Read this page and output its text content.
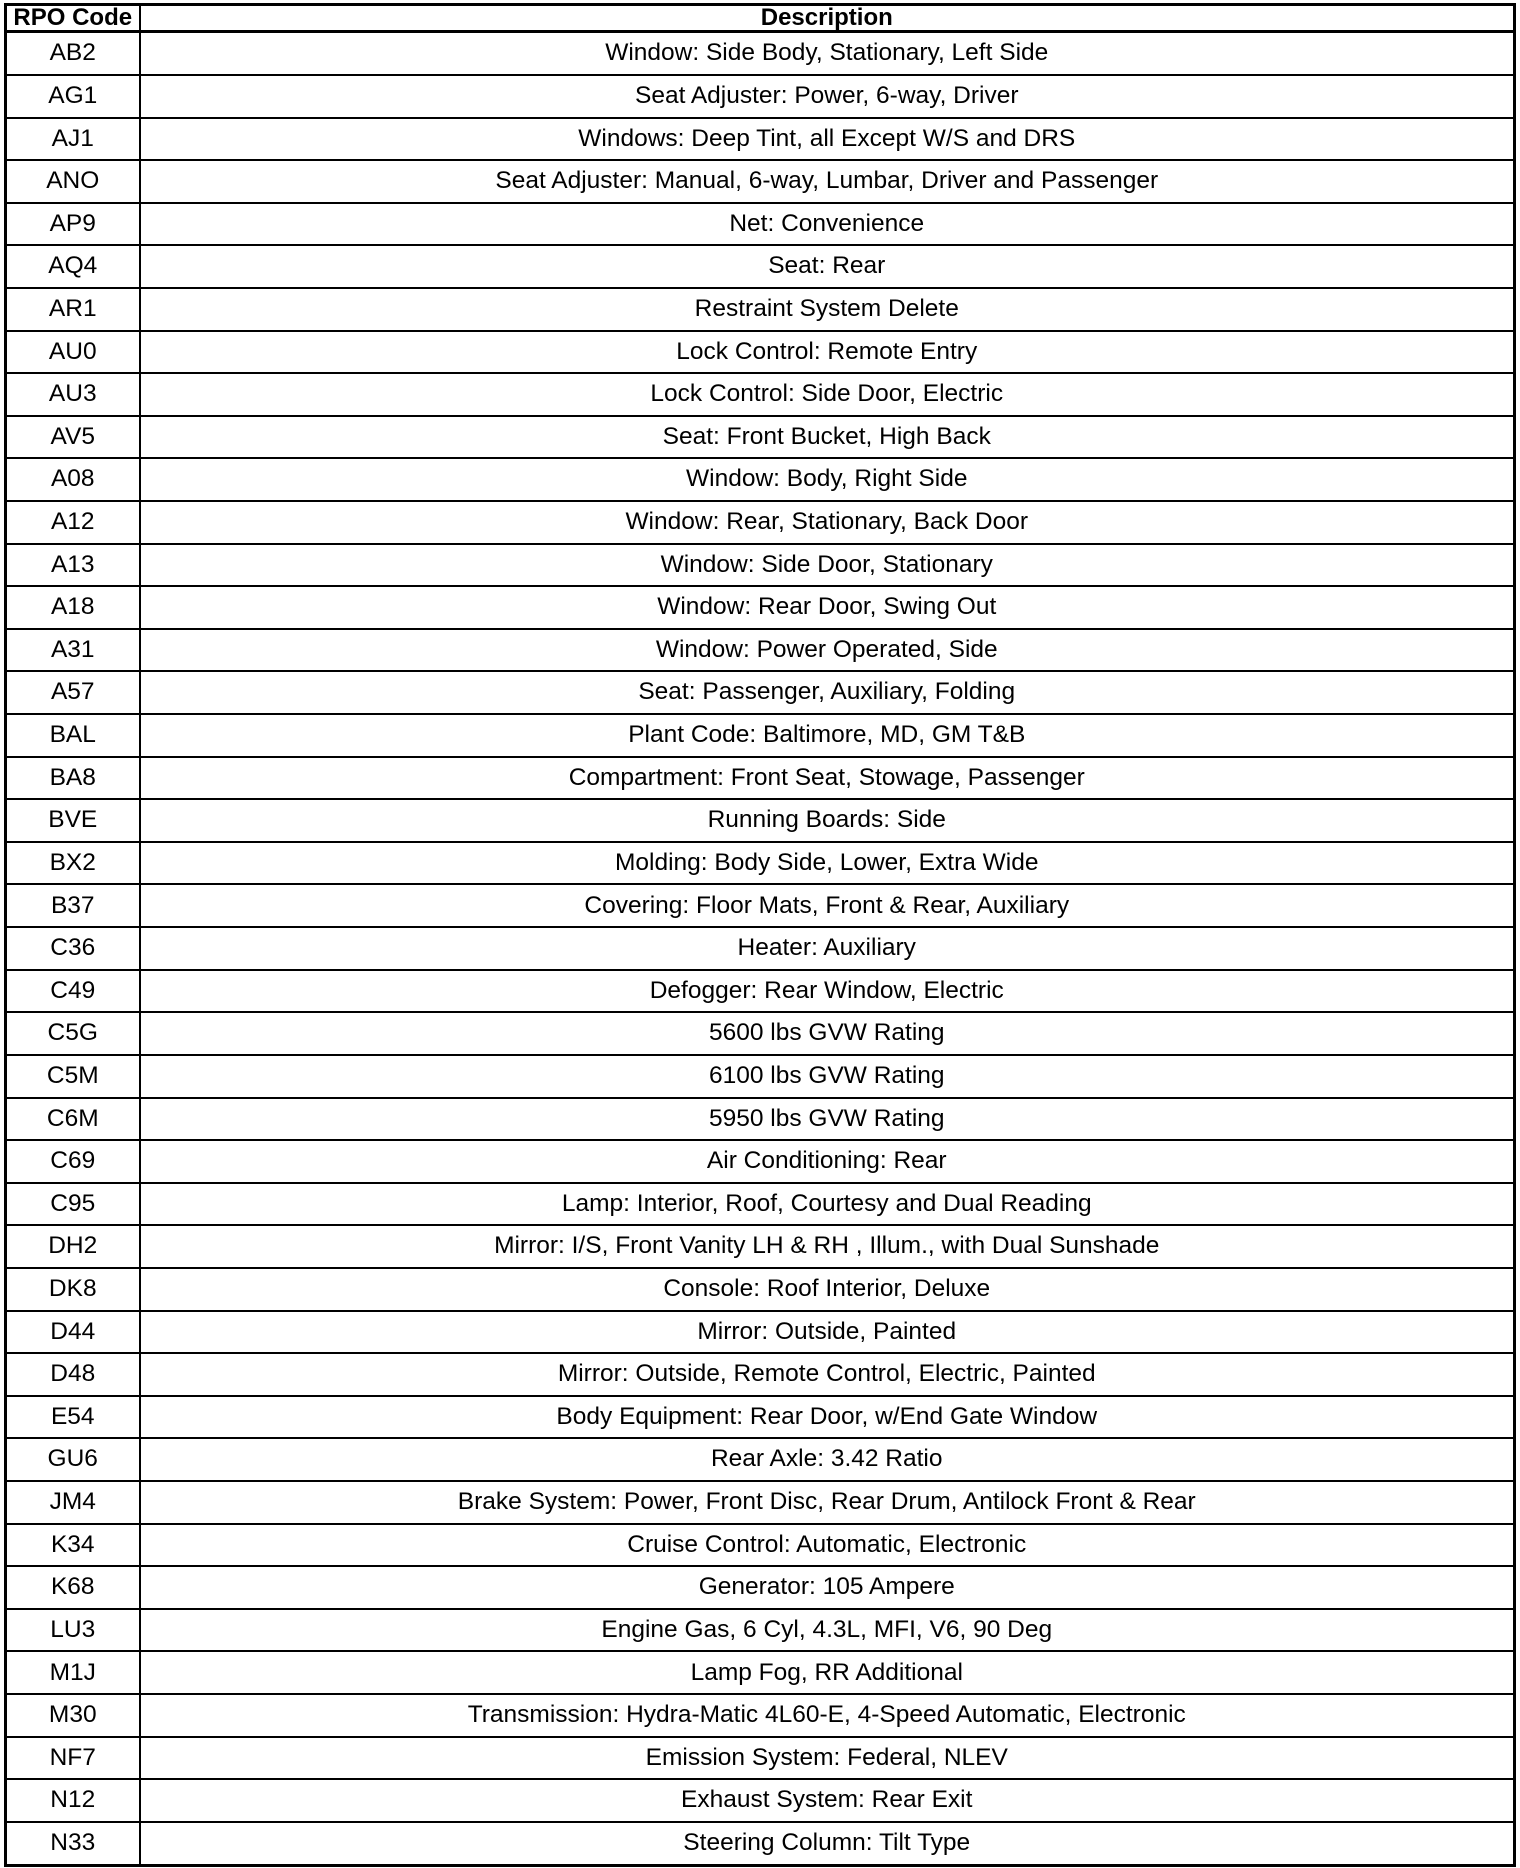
RPO Code	Description
AB2	Window: Side Body, Stationary, Left Side
AG1	Seat Adjuster: Power, 6-way, Driver
AJ1	Windows: Deep Tint, all Except W/S and DRS
ANO	Seat Adjuster: Manual, 6-way, Lumbar, Driver and Passenger
AP9	Net: Convenience
AQ4	Seat: Rear
AR1	Restraint System Delete
AU0	Lock Control: Remote Entry
AU3	Lock Control: Side Door, Electric
AV5	Seat: Front Bucket, High Back
A08	Window: Body, Right Side
A12	Window: Rear, Stationary, Back Door
A13	Window: Side Door, Stationary
A18	Window: Rear Door, Swing Out
A31	Window: Power Operated, Side
A57	Seat: Passenger, Auxiliary, Folding
BAL	Plant Code: Baltimore, MD, GM T&B
BA8	Compartment: Front Seat, Stowage, Passenger
BVE	Running Boards: Side
BX2	Molding: Body Side, Lower, Extra Wide
B37	Covering: Floor Mats, Front & Rear, Auxiliary
C36	Heater: Auxiliary
C49	Defogger: Rear Window, Electric
C5G	5600 lbs GVW Rating
C5M	6100 lbs GVW Rating
C6M	5950 lbs GVW Rating
C69	Air Conditioning: Rear
C95	Lamp: Interior, Roof, Courtesy and Dual Reading
DH2	Mirror: I/S, Front Vanity LH & RH , Illum., with Dual Sunshade
DK8	Console: Roof Interior, Deluxe
D44	Mirror: Outside, Painted
D48	Mirror: Outside, Remote Control, Electric, Painted
E54	Body Equipment: Rear Door, w/End Gate Window
GU6	Rear Axle: 3.42 Ratio
JM4	Brake System: Power, Front Disc, Rear Drum, Antilock Front & Rear
K34	Cruise Control: Automatic, Electronic
K68	Generator: 105 Ampere
LU3	Engine Gas, 6 Cyl, 4.3L, MFI, V6, 90 Deg
M1J	Lamp Fog, RR Additional
M30	Transmission: Hydra-Matic 4L60-E, 4-Speed Automatic, Electronic
NF7	Emission System: Federal, NLEV
N12	Exhaust System: Rear Exit
N33	Steering Column: Tilt Type
